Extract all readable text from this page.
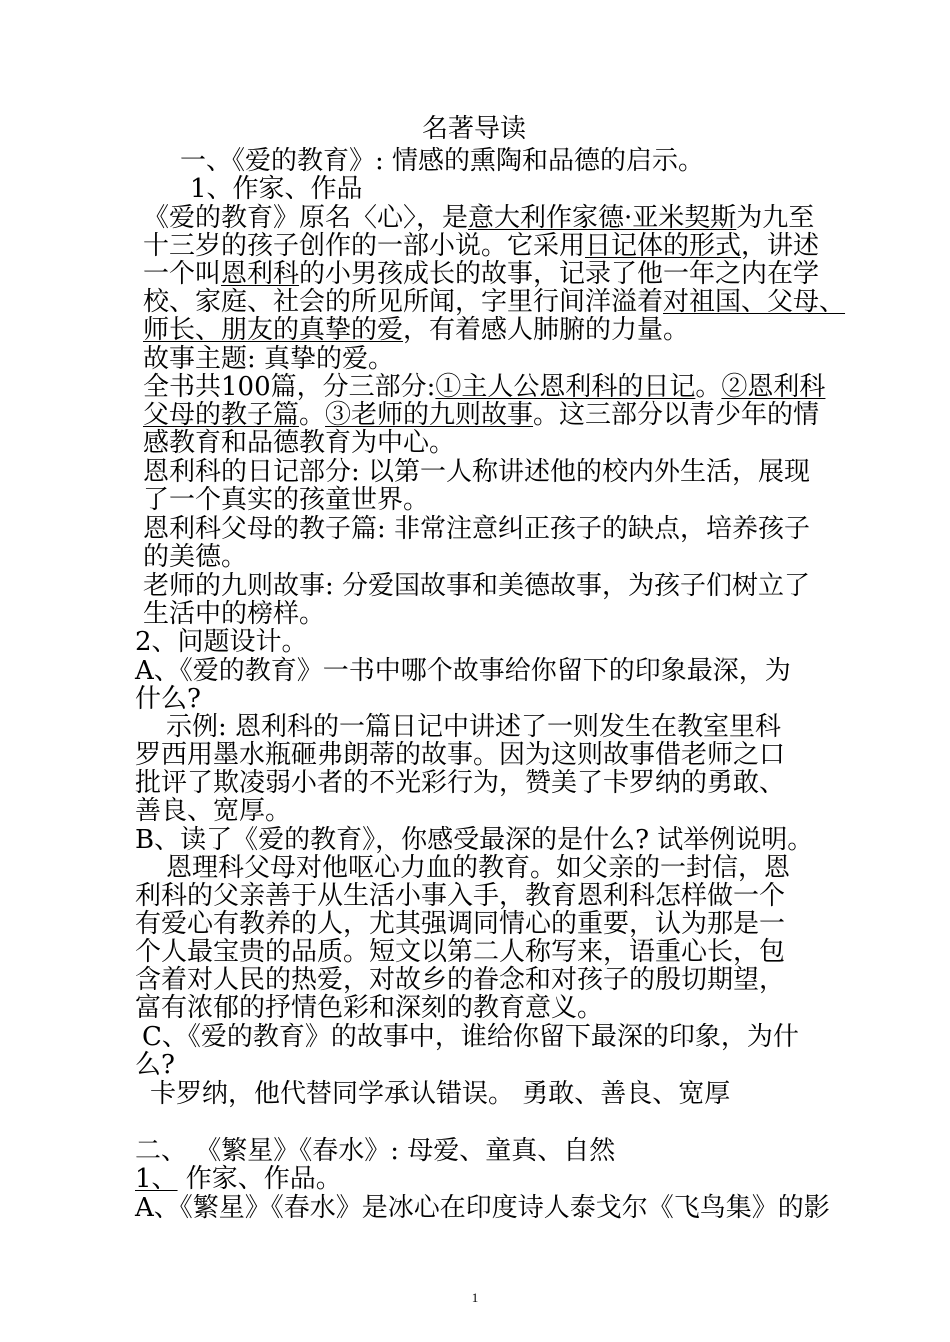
名著导读
一、《爱的教育》: 情感的熏陶和品德的启示。
1、作家、作品
《爱的教育》原名〈心〉，是意大利作家德·亚米契斯为九至
十三岁的孩子创作的一部小说。它采用日记体的形式，讲述
一个叫恩利科的小男孩成长的故事，记录了他一年之内在学
校、家庭、社会的所见所闻，字里行间洋溢着对祖国、父母、
师长、朋友的真挚的爱，有着感人肺腑的力量。
故事主题: 真挚的爱。
全书共100篇，分三部分:①主人公恩利科的日记。②恩利科
父母的教子篇。③老师的九则故事。这三部分以青少年的情
感教育和品德教育为中心。
恩利科的日记部分: 以第一人称讲述他的校内外生活，展现
了一个真实的孩童世界。
恩利科父母的教子篇: 非常注意纠正孩子的缺点，培养孩子
的美德。
老师的九则故事: 分爱国故事和美德故事，为孩子们树立了
生活中的榜样。
2、问题设计。
A、《爱的教育》一书中哪个故事给你留下的印象最深，为
什么?
示例: 恩利科的一篇日记中讲述了一则发生在教室里科
罗西用墨水瓶砸弗朗蒂的故事。因为这则故事借老师之口
批评了欺凌弱小者的不光彩行为，赞美了卡罗纳的勇敢、
善良、宽厚。
B、读了《爱的教育》，你感受最深的是什么? 试举例说明。
恩理科父母对他呕心力血的教育。如父亲的一封信，恩
利科的父亲善于从生活小事入手，教育恩利科怎样做一个
有爱心有教养的人，尤其强调同情心的重要，认为那是一
个人最宝贵的品质。短文以第二人称写来，语重心长，包
含着对人民的热爱，对故乡的眷念和对孩子的殷切期望，
富有浓郁的抒情色彩和深刻的教育意义。
C、《爱的教育》的故事中，谁给你留下最深的印象，为什
么?
卡罗纳，他代替同学承认错误。 勇敢、善良、宽厚
二、 《繁星》《春水》: 母爱、童真、自然
1、 作家、作品。
A、《繁星》《春水》是冰心在印度诗人泰戈尔《飞鸟集》的影
1
